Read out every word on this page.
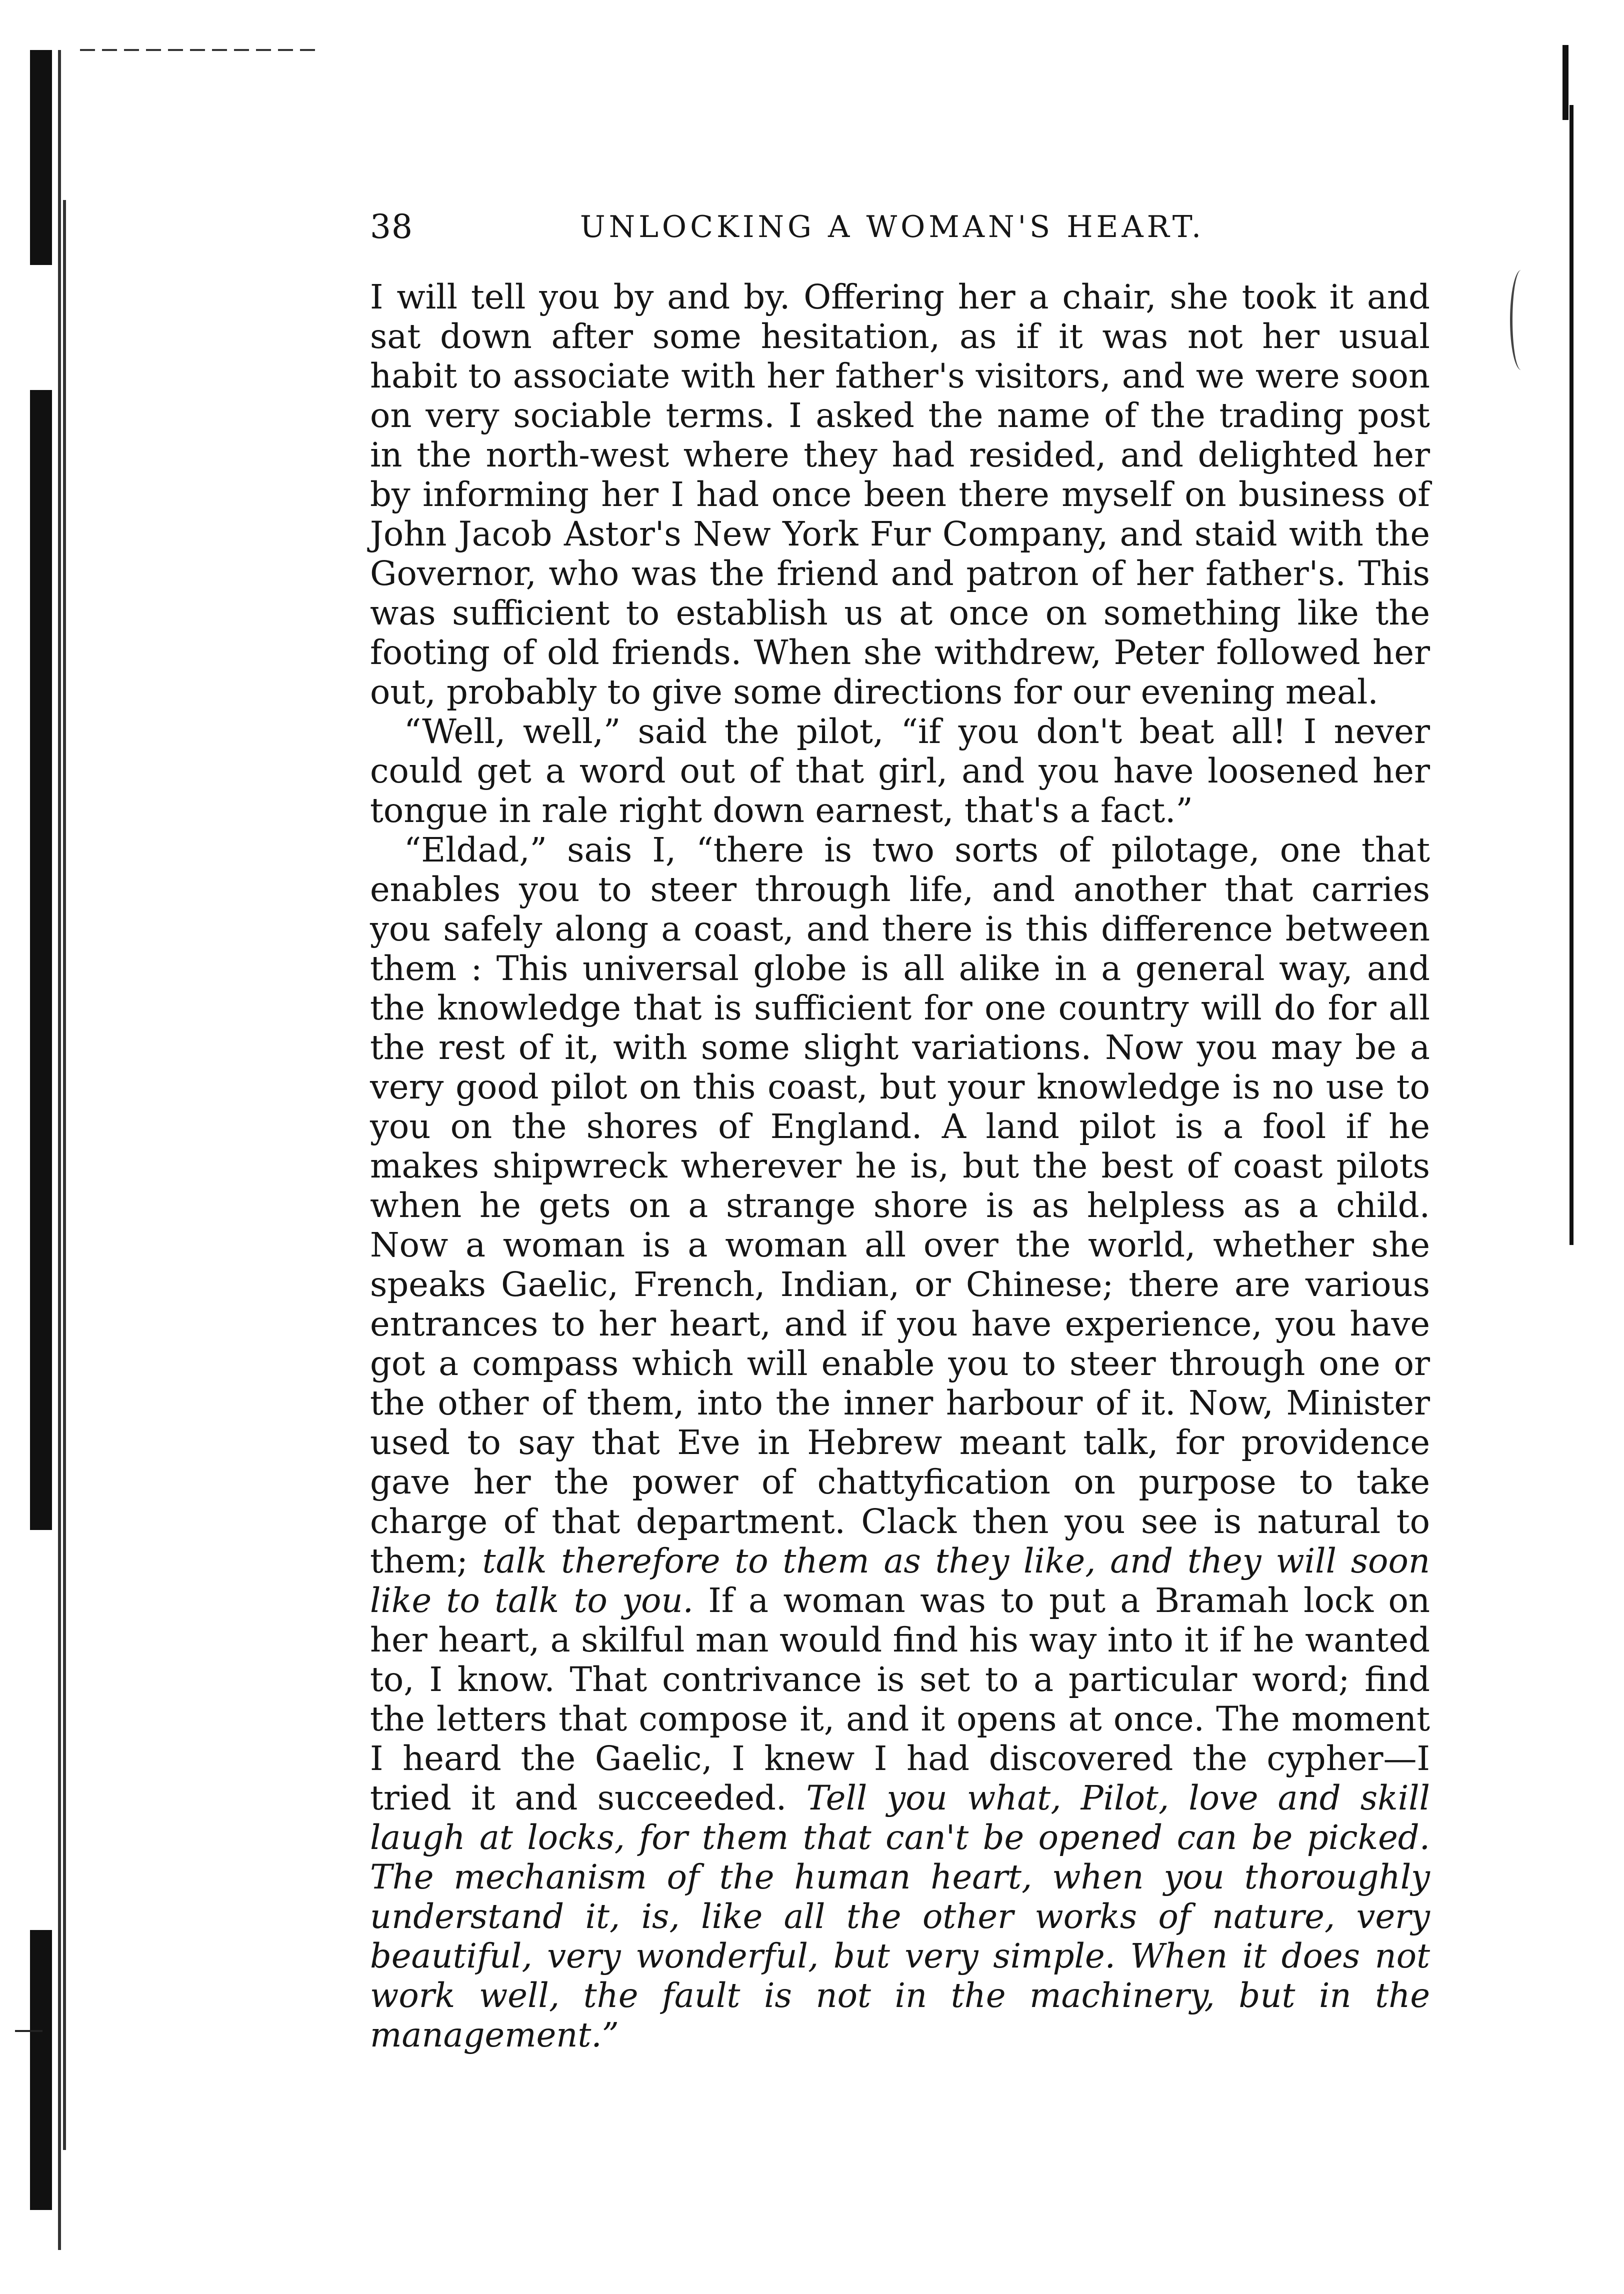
38	UNLOCKING A WOMAN'S HEART.

I will tell you by and by. Offering her a chair, she took it and sat down after some hesitation, as if it was not her usual habit to associate with her father's visitors, and we were soon on very sociable terms. I asked the name of the trading post in the north-west where they had resided, and delighted her by informing her I had once been there myself on business of John Jacob Astor's New York Fur Company, and staid with the Governor, who was the friend and patron of her father's. This was sufficient to establish us at once on something like the footing of old friends. When she withdrew, Peter followed her out, probably to give some directions for our evening meal.

“Well, well,” said the pilot, “if you don't beat all! I never could get a word out of that girl, and you have loosened her tongue in rale right down earnest, that's a fact.”

“Eldad,” sais I, “there is two sorts of pilotage, one that enables you to steer through life, and another that carries you safely along a coast, and there is this difference between them : This universal globe is all alike in a general way, and the knowledge that is sufficient for one country will do for all the rest of it, with some slight variations. Now you may be a very good pilot on this coast, but your knowledge is no use to you on the shores of England. A land pilot is a fool if he makes shipwreck wherever he is, but the best of coast pilots when he gets on a strange shore is as helpless as a child. Now a woman is a woman all over the world, whether she speaks Gaelic, French, Indian, or Chinese; there are various entrances to her heart, and if you have experience, you have got a compass which will enable you to steer through one or the other of them, into the inner harbour of it. Now, Minister used to say that Eve in Hebrew meant talk, for providence gave her the power of chattyfication on purpose to take charge of that department. Clack then you see is natural to them; talk therefore to them as they like, and they will soon like to talk to you. If a woman was to put a Bramah lock on her heart, a skilful man would find his way into it if he wanted to, I know. That contrivance is set to a particular word; find the letters that compose it, and it opens at once. The moment I heard the Gaelic, I knew I had discovered the cypher—I tried it and succeeded. Tell you what, Pilot, love and skill laugh at locks, for them that can't be opened can be picked. The mechanism of the human heart, when you thoroughly understand it, is, like all the other works of nature, very beautiful, very wonderful, but very simple. When it does not work well, the fault is not in the machinery, but in the management.”
